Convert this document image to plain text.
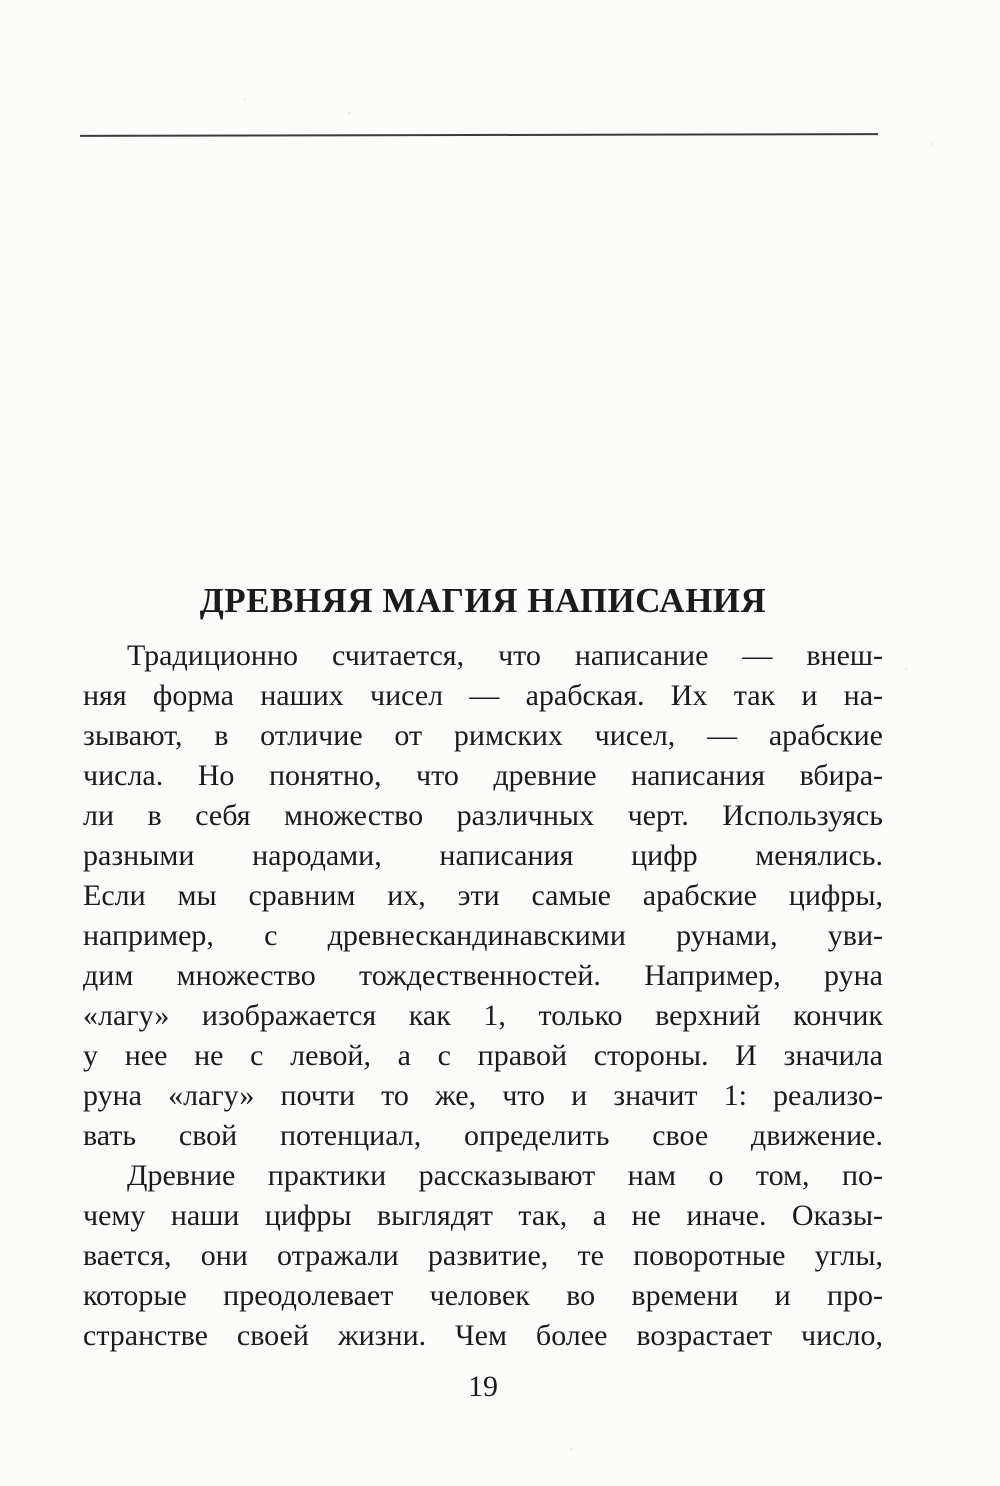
ДРЕВНЯЯ МАГИЯ НАПИСАНИЯ
Традиционно считается, что написание — внеш-
няя форма наших чисел — арабская. Их так и на-
зывают, в отличие от римских чисел, — арабские
числа. Но понятно, что древние написания вбира-
ли в себя множество различных черт. Используясь
разными народами, написания цифр менялись.
Если мы сравним их, эти самые арабские цифры,
например, с древнескандинавскими рунами, уви-
дим множество тождественностей. Например, руна
«лагу» изображается как 1, только верхний кончик
у нее не с левой, а с правой стороны. И значила
руна «лагу» почти то же, что и значит 1: реализо-
вать свой потенциал, определить свое движение.
Древние практики рассказывают нам о том, по-
чему наши цифры выглядят так, а не иначе. Оказы-
вается, они отражали развитие, те поворотные углы,
которые преодолевает человек во времени и про-
странстве своей жизни. Чем более возрастает число,
19
